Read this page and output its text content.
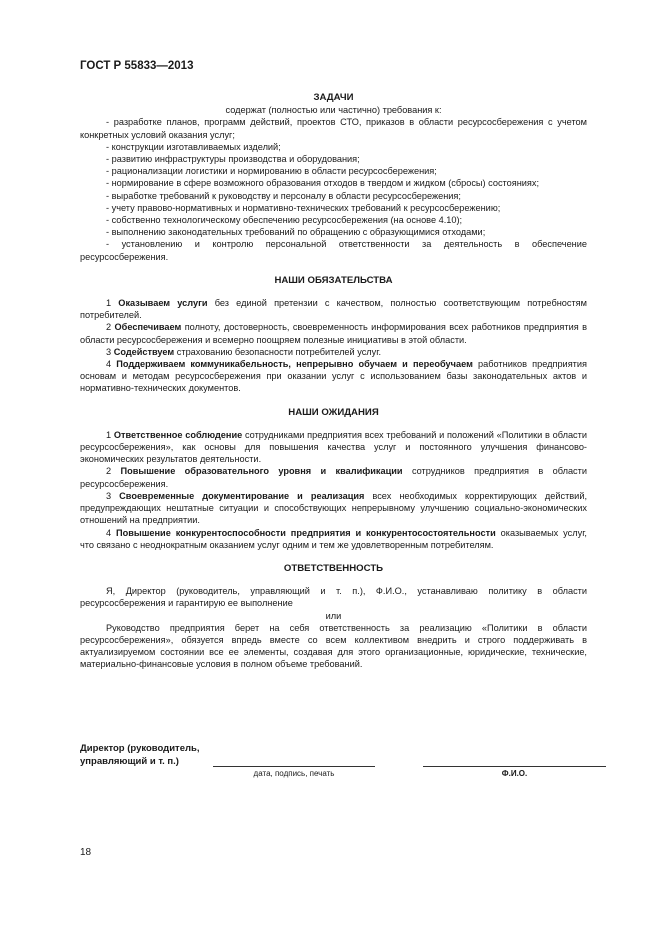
ГОСТ Р 55833—2013
ЗАДАЧИ

содержат (полностью или частично) требования к:

- разработке планов, программ действий, проектов СТО, приказов в области ресурсосбережения с учетом конкретных условий оказания услуг;
- конструкции изготавливаемых изделий;
- развитию инфраструктуры производства и оборудования;
- рационализации логистики и нормированию в области ресурсосбережения;
- нормирование в сфере возможного образования отходов в твердом и жидком (сбросы) состояниях;
- выработке требований к руководству и персоналу в области ресурсосбережения;
- учету правово-нормативных и нормативно-технических требований к ресурсосбережению;
- собственно технологическому обеспечению ресурсосбережения (на основе 4.10);
- выполнению законодательных требований по обращению с образующимися отходами;
- установлению и контролю персональной ответственности за деятельность в обеспечение ресурсосбережения.
НАШИ ОБЯЗАТЕЛЬСТВА

1 Оказываем услуги без единой претензии с качеством, полностью соответствующим потребностям потребителей.

2 Обеспечиваем полноту, достоверность, своевременность информирования всех работников предприятия в области ресурсосбережения и всемерно поощряем полезные инициативы в этой области.

3 Содействуем страхованию безопасности потребителей услуг.

4 Поддерживаем коммуникабельность, непрерывно обучаем и переобучаем работников предприятия основам и методам ресурсосбережения при оказании услуг с использованием базы законодательных актов и нормативно-технических документов.

НАШИ ОЖИДАНИЯ

1 Ответственное соблюдение сотрудниками предприятия всех требований и положений «Политики в области ресурсосбережения», как основы для повышения качества услуг и постоянного улучшения финансово-экономических результатов деятельности.

2 Повышение образовательного уровня и квалификации сотрудников предприятия в области ресурсосбережения.

3 Своевременные документирование и реализация всех необходимых корректирующих действий, предупреждающих нештатные ситуации и способствующих непрерывному улучшению социально-экономических отношений на предприятии.

4 Повышение конкурентоспособности предприятия и конкурентосостоятельности оказываемых услуг, что связано с неоднократным оказанием услуг одним и тем же удовлетворенным потребителям.

ОТВЕТСТВЕННОСТЬ

Я, Директор (руководитель, управляющий и т. п.), Ф.И.О., устанавливаю политику в области ресурсосбережения и гарантирую ее выполнение

или

Руководство предприятия берет на себя ответственность за реализацию «Политики в области ресурсосбережения», обязуется впредь вместе со всем коллективом внедрить и строго поддерживать в актуализируемом состоянии все ее элементы, создавая для этого организационные, юридические, технические, материально-финансовые условия в полном объеме требований.

Директор (руководитель,
управляющий и т. п.)
дата, подпись, печать	Ф.И.О.
18
